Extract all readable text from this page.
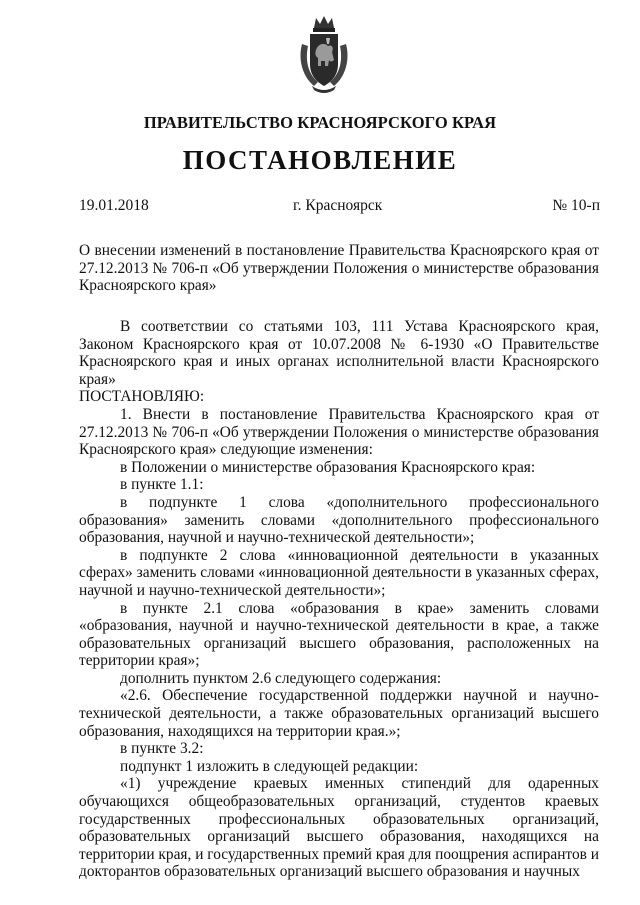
ПРАВИТЕЛЬСТВО КРАСНОЯРСКОГО КРАЯ
ПОСТАНОВЛЕНИЕ
19.01.2018	г. Красноярск	№ 10-п
О внесении изменений в постановление Правительства Красноярского края от 27.12.2013 № 706-п «Об утверждении Положения о министерстве образования Красноярского края»

В соответствии со статьями 103, 111 Устава Красноярского края, Законом Красноярского края от 10.07.2008 № 6-1930 «О Правительстве Красноярского края и иных органах исполнительной власти Красноярского края»

ПОСТАНОВЛЯЮ:

1. Внести в постановление Правительства Красноярского края от 27.12.2013 № 706-п «Об утверждении Положения о министерстве образования Красноярского края» следующие изменения:

в Положении о министерстве образования Красноярского края:

в пункте 1.1:

в подпункте 1 слова «дополнительного профессионального образования» заменить словами «дополнительного профессионального образования, научной и научно-технической деятельности»;

в подпункте 2 слова «инновационной деятельности в указанных сферах» заменить словами «инновационной деятельности в указанных сферах, научной и научно-технической деятельности»;

в пункте 2.1 слова «образования в крае» заменить словами «образования, научной и научно-технической деятельности в крае, а также образовательных организаций высшего образования, расположенных на территории края»;

дополнить пунктом 2.6 следующего содержания:

«2.6. Обеспечение государственной поддержки научной и научно-технической деятельности, а также образовательных организаций высшего образования, находящихся на территории края.»;

в пункте 3.2:

подпункт 1 изложить в следующей редакции:

«1) учреждение краевых именных стипендий для одаренных обучающихся общеобразовательных организаций, студентов краевых государственных профессиональных образовательных организаций, образовательных организаций высшего образования, находящихся на территории края, и государственных премий края для поощрения аспирантов и докторантов образовательных организаций высшего образования и научных
